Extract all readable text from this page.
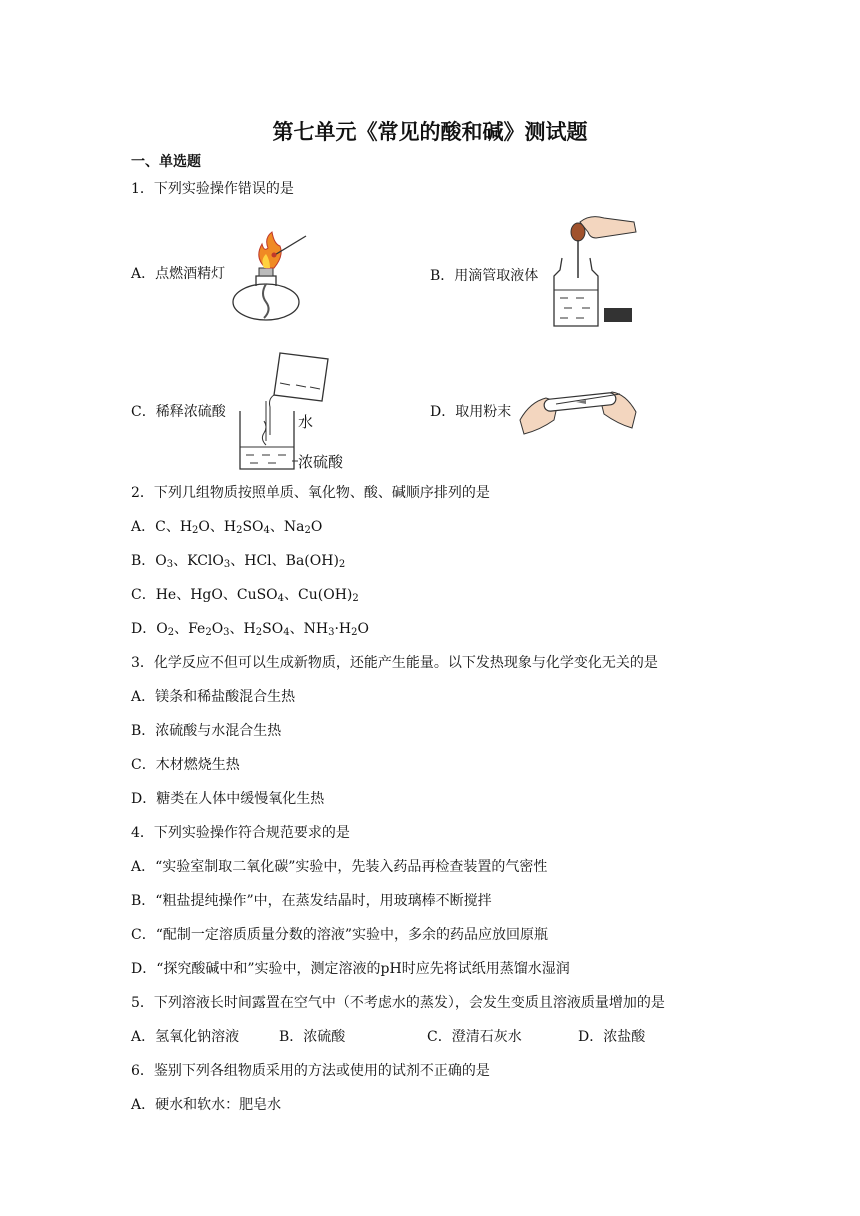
第七单元《常见的酸和碱》测试题
一、单选题
1．下列实验操作错误的是
A．点燃酒精灯	B．用滴管取液体
C．稀释浓硫酸
水
浓硫酸
D．取用粉末
2．下列几组物质按照单质、氧化物、酸、碱顺序排列的是
A．C、$H_2O$、$H_2SO_4$、$Na_2O$
B．$O_3$、KClO$_3$、HCl、$Ba(OH)_2$
C．He、HgO、CuSO$_4$、$Cu(OH)_2$
D．$O_2$、$Fe_2O_3$、$H_2SO_4$、$NH_3\cdot H_2O$
3．化学反应不但可以生成新物质，还能产生能量。以下发热现象与化学变化无关的是
A．镁条和稀盐酸混合生热
B．浓硫酸与水混合生热
C．木材燃烧生热
D．糖类在人体中缓慢氧化生热
4．下列实验操作符合规范要求的是
A．“实验室制取二氧化碳”实验中，先装入药品再检查装置的气密性
B．“粗盐提纯操作”中，在蒸发结晶时，用玻璃棒不断搅拌
C．“配制一定溶质质量分数的溶液”实验中，多余的药品应放回原瓶
D．“探究酸碱中和”实验中，测定溶液的pH时应先将试纸用蒸馏水湿润
5．下列溶液长时间露置在空气中（不考虑水的蒸发），会发生变质且溶液质量增加的是
A．氢氧化钠溶液	B．浓硫酸	C．澄清石灰水	D．浓盐酸
6．鉴别下列各组物质采用的方法或使用的试剂不正确的是
A．硬水和软水：肥皂水
